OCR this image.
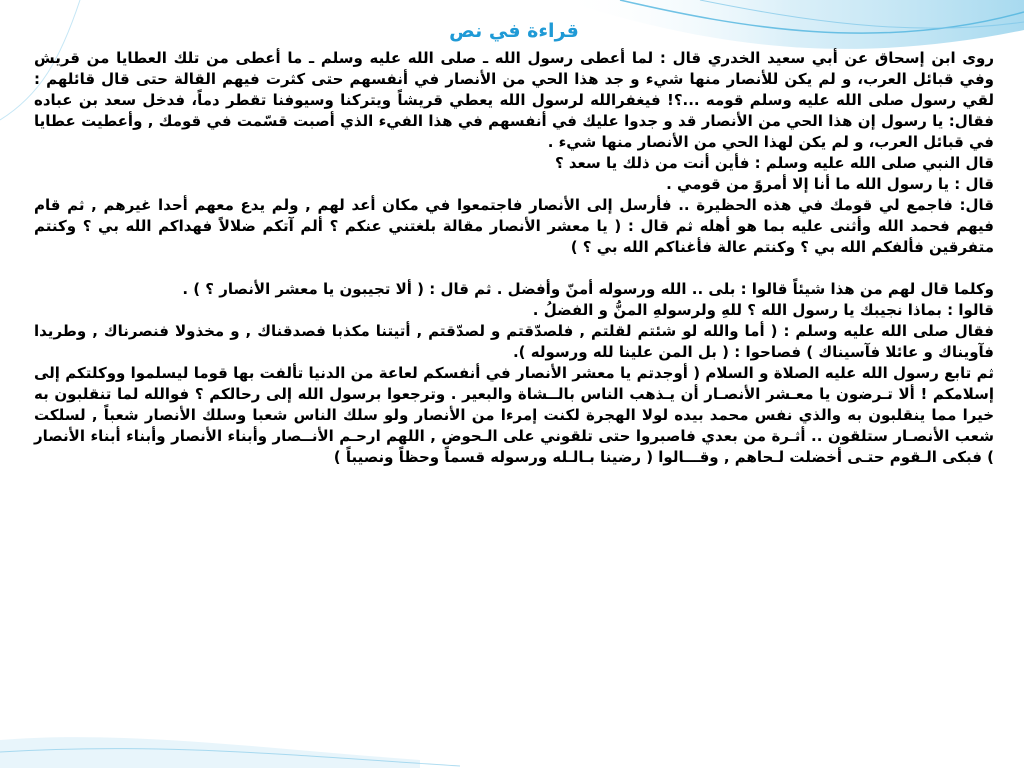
قراءة في نص

روى ابن إسحاق عن أبي سعيد الخدري قال : لما أعطى رسول الله ـ صلى الله عليه وسلم ـ ما أعطى من تلك العطايا من قريش وفي قبائل العرب، و لم يكن للأنصار منها شيء و جد هذا الحي من الأنصار في أنفسهم حتى كثرت فيهم القالة حتى قال قائلهم : لقي رسول صلى الله عليه وسلم قومه ...؟! فيغفرالله لرسول الله يعطي قريشاً ويتركنا وسيوفنا تقطر دماً، فدخل سعد بن عباده فقال: يا رسول إن هذا الحي من الأنصار قد و جدوا عليك في أنفسهم في هذا الفيء الذي أصبت قسّمت في قومك , وأعطيت عطايا في قبائل العرب، و لم يكن لهذا الحي من الأنصار منها شيء .

قال النبي صلى الله عليه وسلم : فأين أنت من ذلك يا سعد ؟

قال : يا رسول الله ما أنا إلا أمروً من قومي .

قال: فاجمع لي قومك في هذه الحظيرة .. فأرسل إلى الأنصار فاجتمعوا في مكان أعد لهم , ولم يدع معهم أحدا غيرهم , ثم قام فيهم فحمد الله وأثنى عليه بما هو أهله ثم قال : ( يا معشر الأنصار مقالة بلغتني عنكم ؟ ألم آتكم ضلالاً فهداكم الله بي ؟ وكنتم متفرقين فألفكم الله بي ؟ وكنتم عالة فأغناكم الله بي ؟ )

وكلما قال لهم من هذا شيئاً قالوا : بلى .. الله ورسوله أمنّ وأفضل . ثم قال : ( ألا تجيبون يا معشر الأنصار ؟ ) .

قالوا : بماذا نجيبك يا رسول الله ؟ للهِ ولرسولهِ المنُّ و الفضلُ .

فقال صلى الله عليه وسلم : ( أما والله لو شئتم لقلتم , فلصدّقتم و لصدّقتم , أتيتنا مكذبا فصدقناك , و مخذولا فنصرناك , وطريدا فآويناك و عائلا فآسيناك ) فصاحوا : ( بل المن علينا لله ورسوله ).

ثم تابع رسول الله عليه الصلاة و السلام ( أوجدتم يا معشر الأنصار في أنفسكم لعاعة من الدنيا تألفت بها قوما ليسلموا ووكلتكم إلى إسلامكم ! ألا تـرضون يا معـشر الأنصـار أن يـذهب الناس بالــشاة والبعير . وترجعوا برسول الله إلى رحالكم ؟ فوالله لما تنقلبون به خيرا مما ينقلبون به والذي نفس محمد بيده لولا الهجرة لكنت إمرءا من الأنصار ولو سلك الناس شعبا وسلك الأنصار شعباً , لسلكت شعب الأنصـار ستلقون .. أثـرة من بعدي فاصبروا حتى تلقوني على الـحوض , اللهم ارحـم الأنــصار وأبناء الأنصار وأبناء أبناء الأنصار ) فبكى الـقوم حتـى أخضلت لـحاهم , وقـــالوا ( رضينا بـالـله ورسوله قسماً وحظاً ونصيباً )
